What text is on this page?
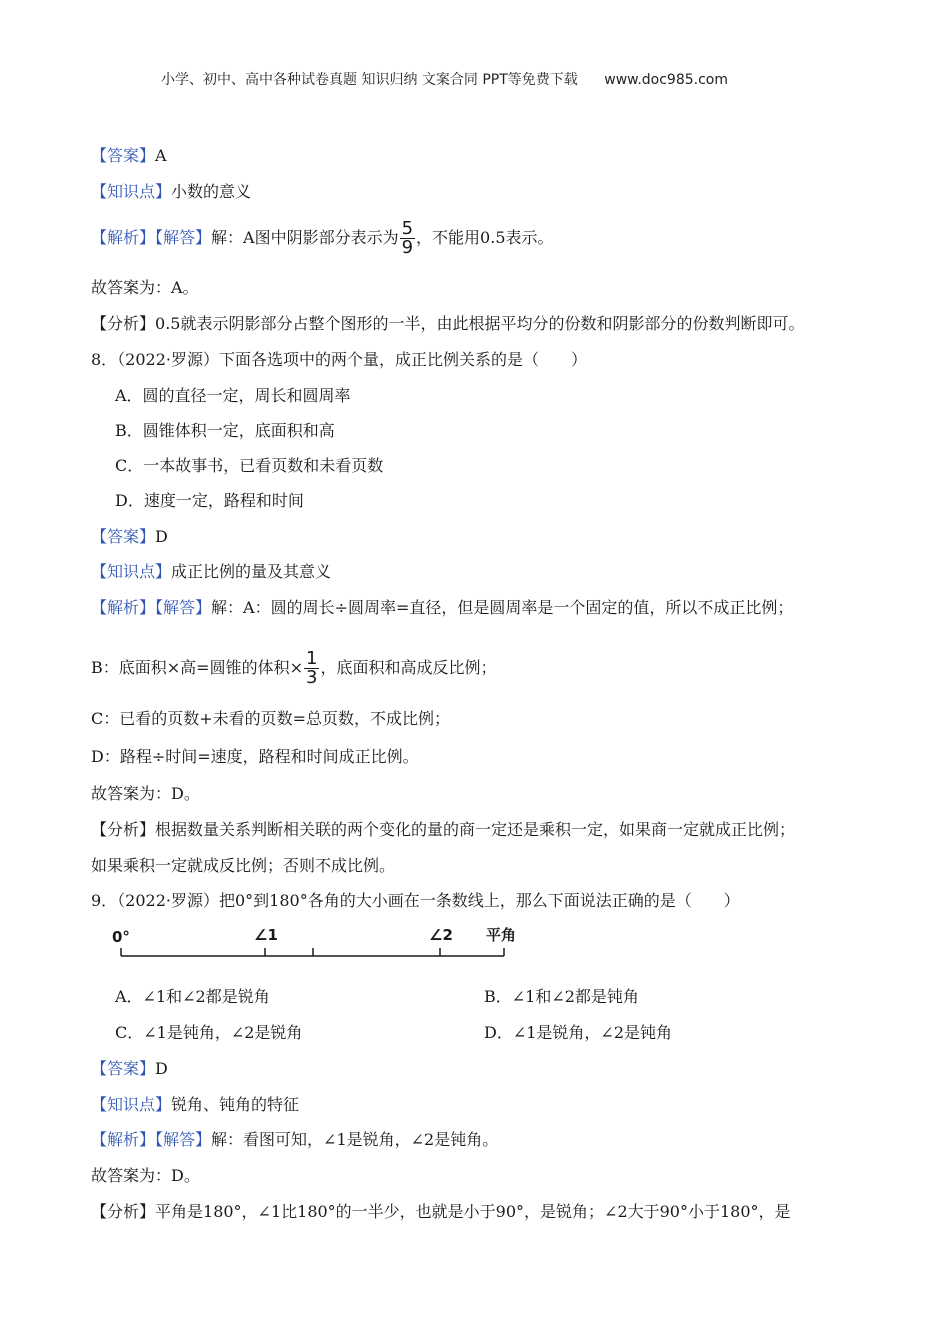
小学、初中、高中各种试卷真题 知识归纳 文案合同 PPT等免费下载 www.doc985.com
【答案】A
【知识点】小数的意义
【解析】【解答】解：A图中阴影部分表示为 $\frac{5}{9}$ ，不能用0.5表示。
故答案为：A。
【分析】0.5就表示阴影部分占整个图形的一半，由此根据平均分的份数和阴影部分的份数判断即可。
8．（2022·罗源）下面各选项中的两个量，成正比例关系的是（　　）
A．圆的直径一定，周长和圆周率
B．圆锥体积一定，底面积和高
C．一本故事书，已看页数和未看页数
D．速度一定，路程和时间
【答案】D
【知识点】成正比例的量及其意义
【解析】【解答】解：A：圆的周长÷圆周率=直径，但是圆周率是一个固定的值，所以不成正比例；
B：底面积×高=圆锥的体积× $\frac{1}{3}$ ，底面积和高成反比例；
C：已看的页数+未看的页数=总页数，不成比例；
D：路程÷时间=速度，路程和时间成正比例。
故答案为：D。
【分析】根据数量关系判断相关联的两个变化的量的商一定还是乘积一定，如果商一定就成正比例；
如果乘积一定就成反比例；否则不成比例。
9．（2022·罗源）把0°到180°各角的大小画在一条数线上，那么下面说法正确的是（　　）
0°	∠1	∠2 平角
A．∠1和∠2都是锐角	B．∠1和∠2都是钝角
C．∠1是钝角，∠2是锐角	D．∠1是锐角，∠2是钝角
【答案】D
【知识点】锐角、钝角的特征
【解析】【解答】解：看图可知，∠1是锐角，∠2是钝角。
故答案为：D。
【分析】平角是180°，∠1比180°的一半少，也就是小于90°，是锐角；∠2大于90°小于180°，是
